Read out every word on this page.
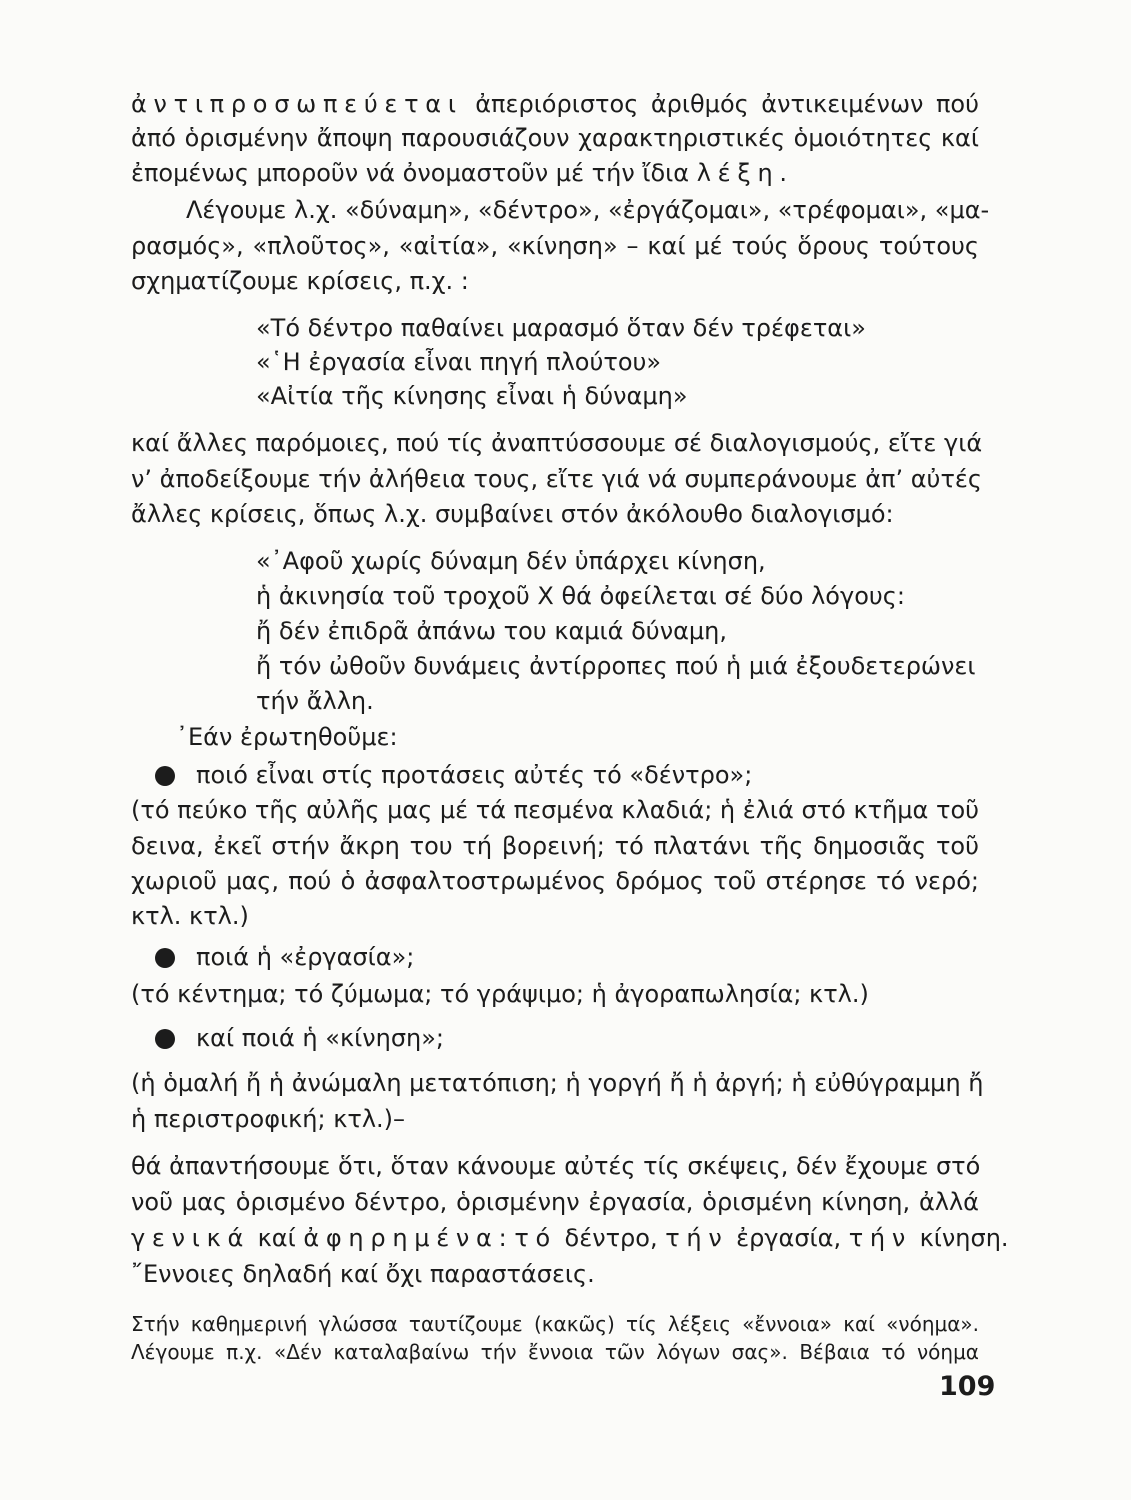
ἀντιπροσωπεύεται ἀπεριόριστος ἀριθμός ἀντικειμένων πού
ἀπό ὁρισμένην ἄποψη παρουσιάζουν χαρακτηριστικές ὁμοιότητες καί
ἐπομένως μπορου̃ν νά ὀνομαστου̃ν μέ τήν ἴδια λέξη.
Λέγουμε λ.χ. «δύναμη», «δέντρο», «ἐργάζομαι», «τρέφομαι», «μα-
ρασμός», «πλου̃τος», «αἰτία», «κίνηση» – καί μέ τούς ὅρους τούτους
σχηματίζουμε κρίσεις, π.χ. :
«Τό δέντρο παθαίνει μαρασμό ὅταν δέν τρέφεται»
«῾Η ἐργασία εἶναι πηγή πλούτου»
«Αἰτία τη̃ς κίνησης εἶναι ἡ δύναμη»
καί ἄλλες παρόμοιες, πού τίς ἀναπτύσσουμε σέ διαλογισμούς, εἴτε γιά
ν’ ἀποδείξουμε τήν ἀλήθεια τους, εἴτε γιά νά συμπεράνουμε ἀπ’ αὐτές
ἄλλες κρίσεις, ὅπως λ.χ. συμβαίνει στόν ἀκόλουθο διαλογισμό:
«᾿Αφου̃ χωρίς δύναμη δέν ὑπάρχει κίνηση,
ἡ ἀκινησία του̃ τροχου̃ Χ θά ὀφείλεται σέ δύο λόγους:
ἤ δέν ἐπιδρα̃ ἀπάνω του καμιά δύναμη,
ἤ τόν ὠθου̃ν δυνάμεις ἀντίρροπες πού ἡ μιά ἐξουδετερώνει
τήν ἄλλη.
᾿Εάν ἐρωτηθου̃με:
ποιό εἶναι στίς προτάσεις αὐτές τό «δέντρο»;
(τό πεύκο τη̃ς αὐλη̃ς μας μέ τά πεσμένα κλαδιά; ἡ ἐλιά στό κτη̃μα του̃
δεινα, ἐκει̃ στήν ἄκρη του τή βορεινή; τό πλατάνι τη̃ς δημοσια̃ς του̃
χωριου̃ μας, πού ὁ ἀσφαλτοστρωμένος δρόμος του̃ στέρησε τό νερό;
κτλ. κτλ.)
ποιά ἡ «ἐργασία»;
(τό κέντημα; τό ζύμωμα; τό γράψιμο; ἡ ἀγοραπωλησία; κτλ.)
καί ποιά ἡ «κίνηση»;
(ἡ ὁμαλή ἤ ἡ ἀνώμαλη μετατόπιση; ἡ γοργή ἤ ἡ ἀργή; ἡ εὐθύγραμμη ἤ
ἡ περιστροφική; κτλ.)–
θά ἀπαντήσουμε ὅτι, ὅταν κάνουμε αὐτές τίς σκέψεις, δέν ἔχουμε στό
νου̃ μας ὁρισμένο δέντρο, ὁρισμένην ἐργασία, ὁρισμένη κίνηση, ἀλλά
γενικά καί ἀφηρημένα: τό δέντρο, τήν ἐργασία, τήν κίνηση.
῎Εννοιες δηλαδή καί ὄχι παραστάσεις.
Στήν καθημερινή γλώσσα ταυτίζουμε (κακω̃ς) τίς λέξεις «ἔννοια» καί «νόημα».
Λέγουμε π.χ. «Δέν καταλαβαίνω τήν ἔννοια τω̃ν λόγων σας». Βέβαια τό νόημα
109
